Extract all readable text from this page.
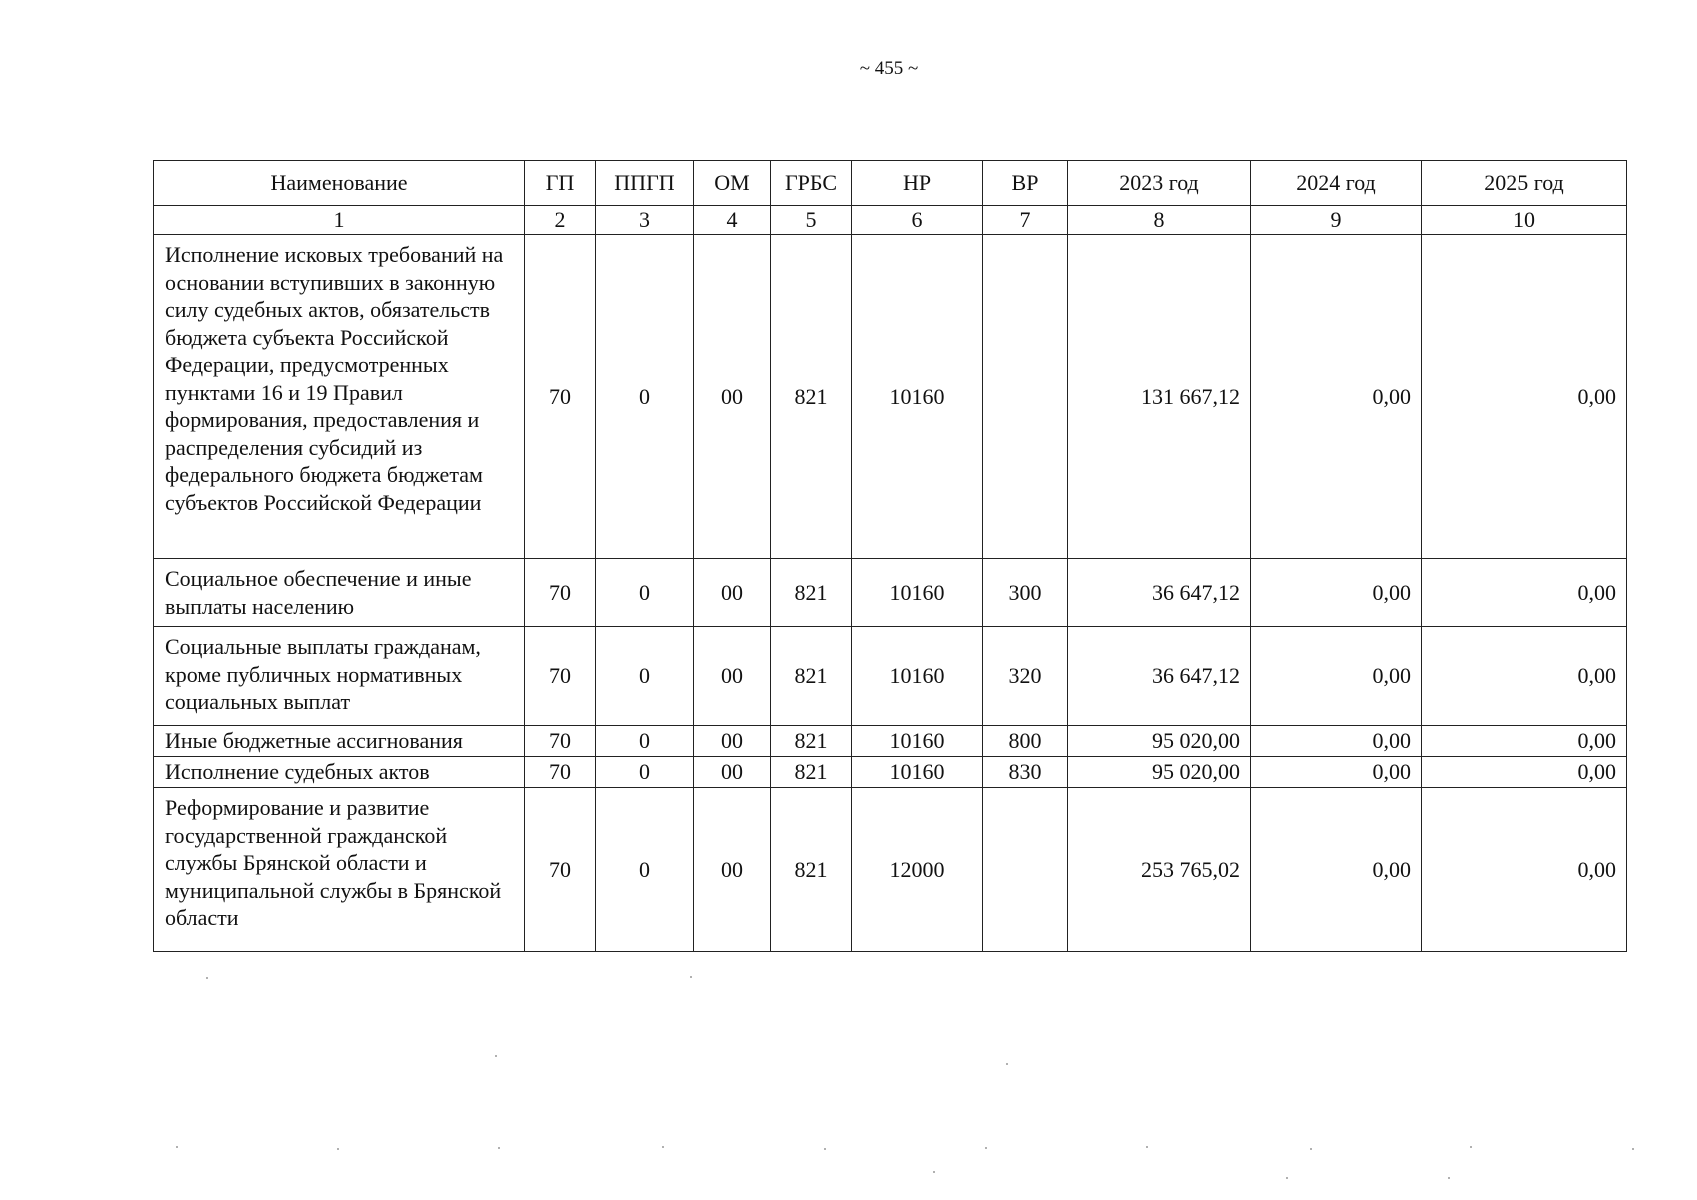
~ 455 ~
Наименование	ГП	ППГП	ОМ	ГРБС	НР	ВР	2023 год	2024 год	2025 год
1	2	3	4	5	6	7	8	9	10
Исполнение исковых требований на основании вступивших в законную силу судебных актов, обязательств бюджета субъекта Российской Федерации, предусмотренных пунктами 16 и 19 Правил формирования, предоставления и распределения субсидий из федерального бюджета бюджетам субъектов Российской Федерации	70	0	00	821	10160		131 667,12	0,00	0,00
Социальное обеспечение и иные выплаты населению	70	0	00	821	10160	300	36 647,12	0,00	0,00
Социальные выплаты гражданам, кроме публичных нормативных социальных выплат	70	0	00	821	10160	320	36 647,12	0,00	0,00
Иные бюджетные ассигнования	70	0	00	821	10160	800	95 020,00	0,00	0,00
Исполнение судебных актов	70	0	00	821	10160	830	95 020,00	0,00	0,00
Реформирование и развитие государственной гражданской службы Брянской области и муниципальной службы в Брянской области	70	0	00	821	12000		253 765,02	0,00	0,00
